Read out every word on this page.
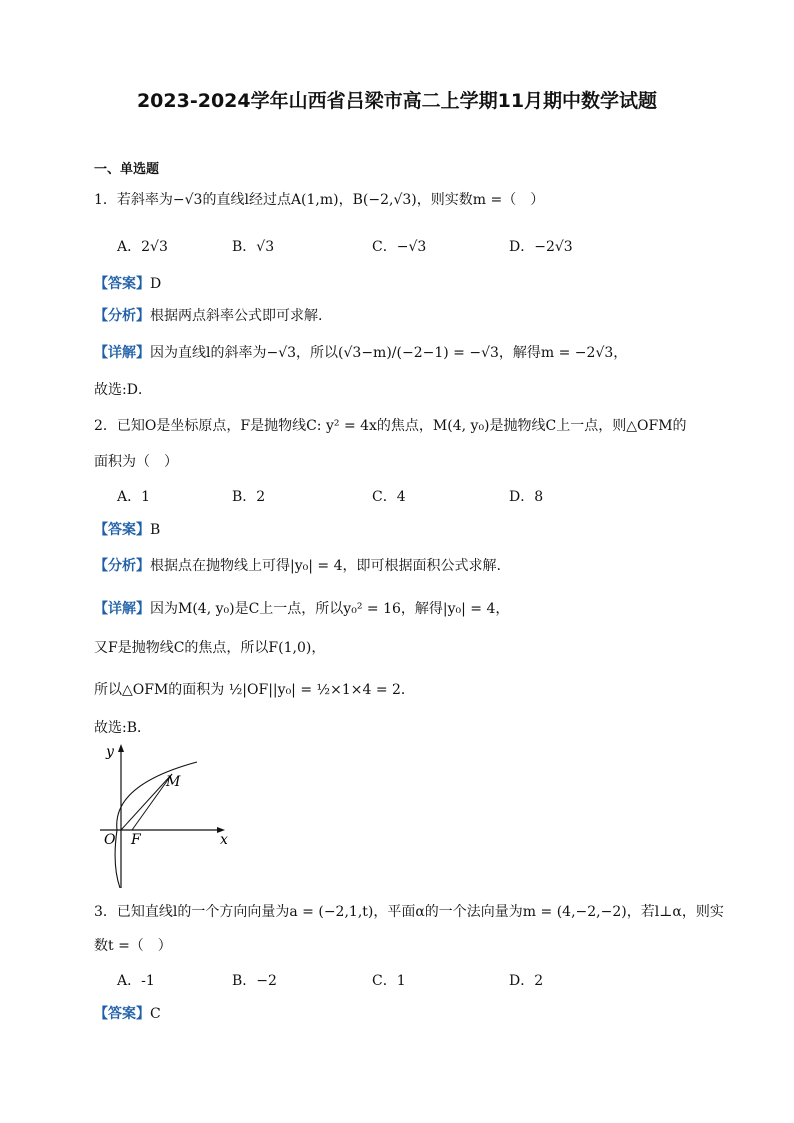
2023-2024学年山西省吕梁市高二上学期11月期中数学试题
一、单选题
1．若斜率为−√3的直线l经过点A(1,m)，B(−2,√3)，则实数m =（　）
A．2√3	B．√3	C．−√3	D．−2√3
【答案】D
【分析】根据两点斜率公式即可求解.
【详解】因为直线l的斜率为−√3，所以(√3−m)/(−2−1) = −√3，解得m = −2√3，
故选:D．
2．已知O是坐标原点，F是抛物线C: y² = 4x的焦点，M(4, y₀)是抛物线C上一点，则△OFM的
面积为（　）
A．1	B．2	C．4	D．8
【答案】B
【分析】根据点在抛物线上可得|y₀| = 4，即可根据面积公式求解.
【详解】因为M(4, y₀)是C上一点，所以y₀² = 16，解得|y₀| = 4，
又F是抛物线C的焦点，所以F(1,0)，
所以△OFM的面积为 ½|OF||y₀| = ½×1×4 = 2．
故选:B．
y
x
O F
M
3．已知直线l的一个方向向量为a = (−2,1,t)，平面α的一个法向量为m = (4,−2,−2)，若l⊥α，则实
数t =（　）
A．-1	B．−2	C．1	D．2
【答案】C
